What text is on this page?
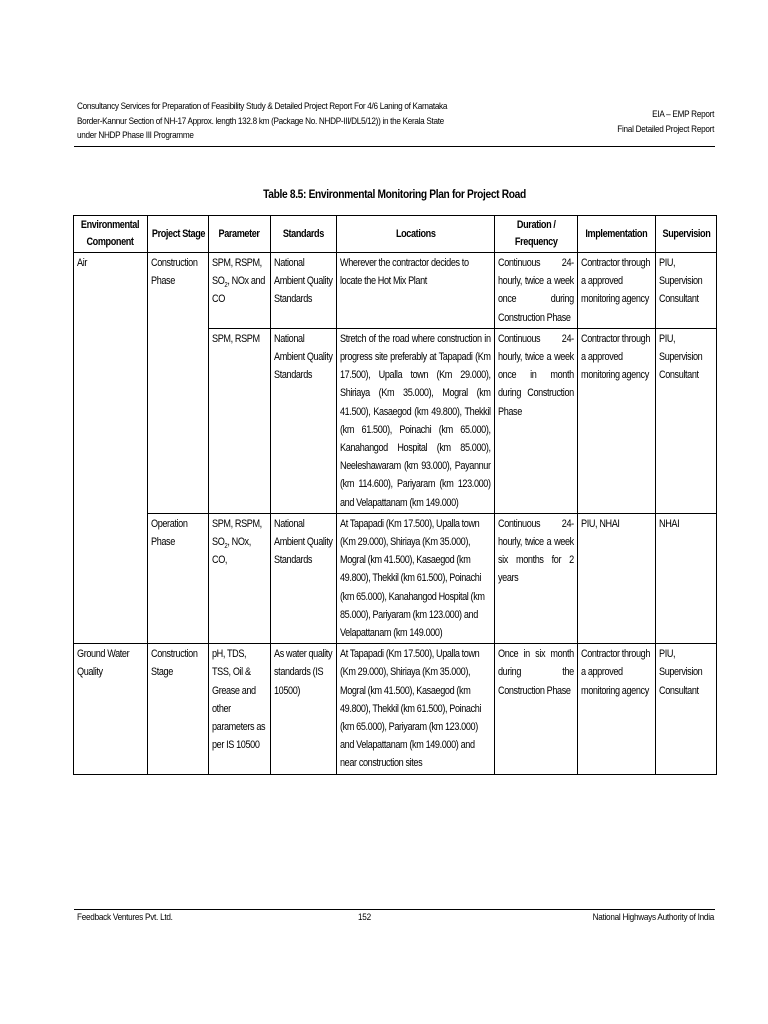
Consultancy Services for Preparation of Feasibility Study & Detailed Project Report For 4/6 Laning of Karnataka
Border-Kannur Section of NH-17 Approx. length 132.8 km (Package No. NHDP-III/DL5/12)) in the Kerala State
under NHDP Phase III Programme
EIA – EMP Report
Final Detailed Project Report
Table 8.5: Environmental Monitoring Plan for Project Road
Environmental Component	Project Stage	Parameter	Standards	Locations	Duration / Frequency	Implementation	Supervision
Air	Construction Phase	SPM, RSPM, $SO_2$, NOx and CO	National Ambient Quality Standards	Wherever the contractor decides to locate the Hot Mix Plant	Continuous 24-hourly, twice a week once during Construction Phase	Contractor through a approved monitoring agency	PIU, Supervision Consultant
		SPM, RSPM	National Ambient Quality Standards	Stretch of the road where construction in progress site preferably at Tapapadi (Km 17.500), Upalla town (Km 29.000), Shiriaya (Km 35.000), Mogral (km 41.500), Kasaegod (km 49.800), Thekkil (km 61.500), Poinachi (km 65.000), Kanahangod Hospital (km 85.000), Neeleshawaram (km 93.000), Payannur (km 114.600), Pariyaram (km 123.000) and Velapattanam (km 149.000)	Continuous 24-hourly, twice a week once in month during Construction Phase	Contractor through a approved monitoring agency	PIU, Supervision Consultant
	Operation Phase	SPM, RSPM, $SO_2$, NOx, CO,	National Ambient Quality Standards	At Tapapadi (Km 17.500), Upalla town (Km 29.000), Shiriaya (Km 35.000), Mogral (km 41.500), Kasaegod (km 49.800), Thekkil (km 61.500), Poinachi (km 65.000), Kanahangod Hospital (km 85.000), Pariyaram (km 123.000) and Velapattanam (km 149.000)	Continuous 24-hourly, twice a week six months for 2 years	PIU, NHAI	NHAI
Ground Water Quality	Construction Stage	pH, TDS, TSS, Oil & Grease and other parameters as per IS 10500	As water quality standards (IS 10500)	At Tapapadi (Km 17.500), Upalla town (Km 29.000), Shiriaya (Km 35.000), Mogral (km 41.500), Kasaegod (km 49.800), Thekkil (km 61.500), Poinachi (km 65.000), Pariyaram (km 123.000) and Velapattanam (km 149.000) and near construction sites	Once in six month during the Construction Phase	Contractor through a approved monitoring agency	PIU, Supervision Consultant
Feedback Ventures Pvt. Ltd.	152	National Highways Authority of India
